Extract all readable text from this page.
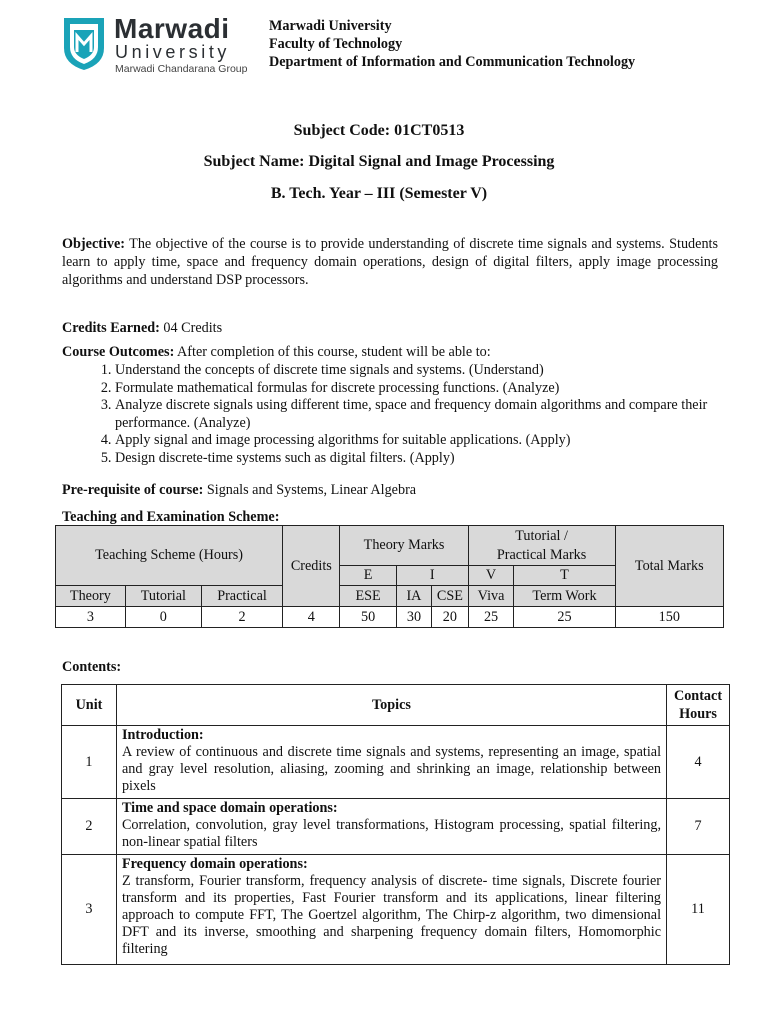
Marwadi
University
Marwadi Chandarana Group
Marwadi University
Faculty of Technology
Department of Information and Communication Technology
Subject Code: 01CT0513
Subject Name: Digital Signal and Image Processing
B. Tech. Year – III (Semester V)
Objective: The objective of the course is to provide understanding of discrete time signals and systems. Students learn to apply time, space and frequency domain operations, design of digital filters, apply image processing algorithms and understand DSP processors.
Credits Earned: 04 Credits
Course Outcomes: After completion of this course, student will be able to:
1. Understand the concepts of discrete time signals and systems. (Understand)
2. Formulate mathematical formulas for discrete processing functions. (Analyze)
3. Analyze discrete signals using different time, space and frequency domain algorithms and compare their performance. (Analyze)
4. Apply signal and image processing algorithms for suitable applications. (Apply)
5. Design discrete-time systems such as digital filters. (Apply)
Pre-requisite of course: Signals and Systems, Linear Algebra
Teaching and Examination Scheme:
Teaching Scheme (Hours)			Credits	Theory Marks			Tutorial /
Practical Marks		Total Marks
				E	I		V	T	
Theory	Tutorial	Practical		ESE	IA	CSE	Viva	Term Work	
3	0	2	4	50	30	20	25	25	150
Contents:
Unit	Topics	Contact
Hours
1	Introduction:
A review of continuous and discrete time signals and systems, representing an image, spatial and gray level resolution, aliasing, zooming and shrinking an image, relationship between pixels	4
2	Time and space domain operations:
Correlation, convolution, gray level transformations, Histogram processing, spatial filtering, non-linear spatial filters	7
3	Frequency domain operations:
Z transform, Fourier transform, frequency analysis of discrete- time signals, Discrete fourier transform and its properties, Fast Fourier transform and its applications, linear filtering approach to compute FFT, The Goertzel algorithm, The Chirp-z algorithm, two dimensional DFT and its inverse, smoothing and sharpening frequency domain filters, Homomorphic filtering	11
